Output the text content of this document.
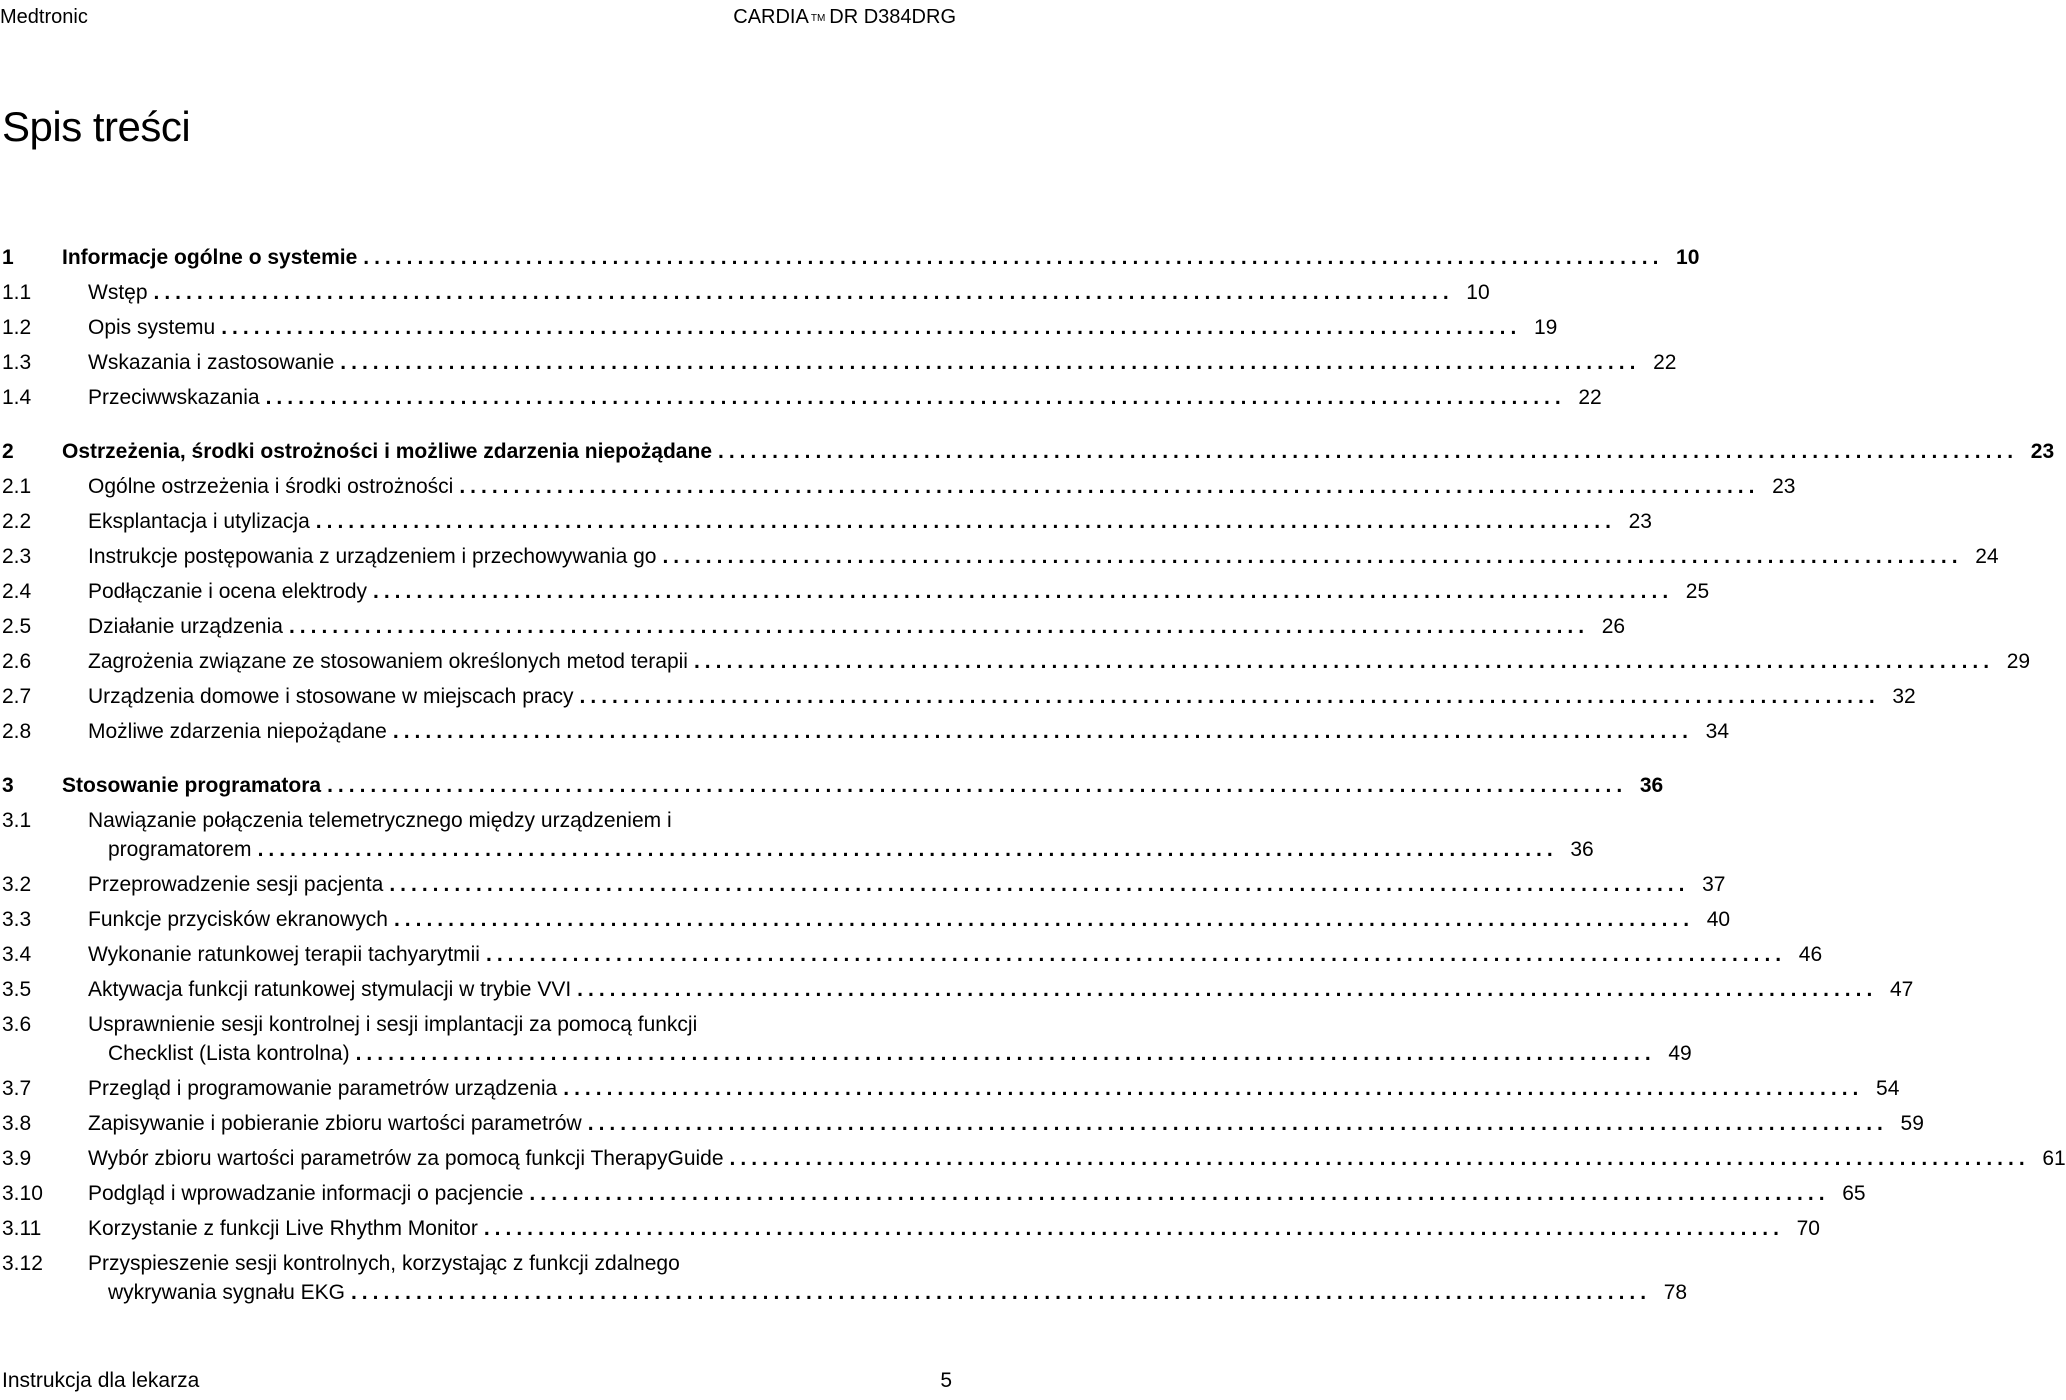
Medtronic	CARDIA ™ DR D384DRG
Spis treści
1 Informacje ogólne o systemie ........................................................................................................................ 10
1.1	Wstęp ........................................................................................................................ 10
1.2	Opis systemu ........................................................................................................................ 19
1.3	Wskazania i zastosowanie ........................................................................................................................ 22
1.4	Przeciwwskazania ........................................................................................................................ 22
2 Ostrzeżenia, środki ostrożności i możliwe zdarzenia niepożądane ........................................................................................................................ 23
2.1	Ogólne ostrzeżenia i środki ostrożności ........................................................................................................................ 23
2.2	Eksplantacja i utylizacja ........................................................................................................................ 23
2.3	Instrukcje postępowania z urządzeniem i przechowywania go ........................................................................................................................ 24
2.4	Podłączanie i ocena elektrody ........................................................................................................................ 25
2.5	Działanie urządzenia ........................................................................................................................ 26
2.6	Zagrożenia związane ze stosowaniem określonych metod terapii ........................................................................................................................ 29
2.7	Urządzenia domowe i stosowane w miejscach pracy ........................................................................................................................ 32
2.8	Możliwe zdarzenia niepożądane ........................................................................................................................ 34
3 Stosowanie programatora ........................................................................................................................ 36
3.1	Nawiązanie połączenia telemetrycznego między urządzeniem i
programatorem ........................................................................................................................ 36
3.2	Przeprowadzenie sesji pacjenta ........................................................................................................................ 37
3.3	Funkcje przycisków ekranowych ........................................................................................................................ 40
3.4	Wykonanie ratunkowej terapii tachyarytmii ........................................................................................................................ 46
3.5	Aktywacja funkcji ratunkowej stymulacji w trybie VVI ........................................................................................................................ 47
3.6	Usprawnienie sesji kontrolnej i sesji implantacji za pomocą funkcji
Checklist (Lista kontrolna) ........................................................................................................................ 49
3.7	Przegląd i programowanie parametrów urządzenia ........................................................................................................................ 54
3.8	Zapisywanie i pobieranie zbioru wartości parametrów ........................................................................................................................ 59
3.9	Wybór zbioru wartości parametrów za pomocą funkcji TherapyGuide ........................................................................................................................ 61
3.10 Podgląd i wprowadzanie informacji o pacjencie ........................................................................................................................ 65
3.11 Korzystanie z funkcji Live Rhythm Monitor ........................................................................................................................ 70
3.12 Przyspieszenie sesji kontrolnych, korzystając z funkcji zdalnego
wykrywania sygnału EKG ........................................................................................................................ 78
Instrukcja dla lekarza	5
